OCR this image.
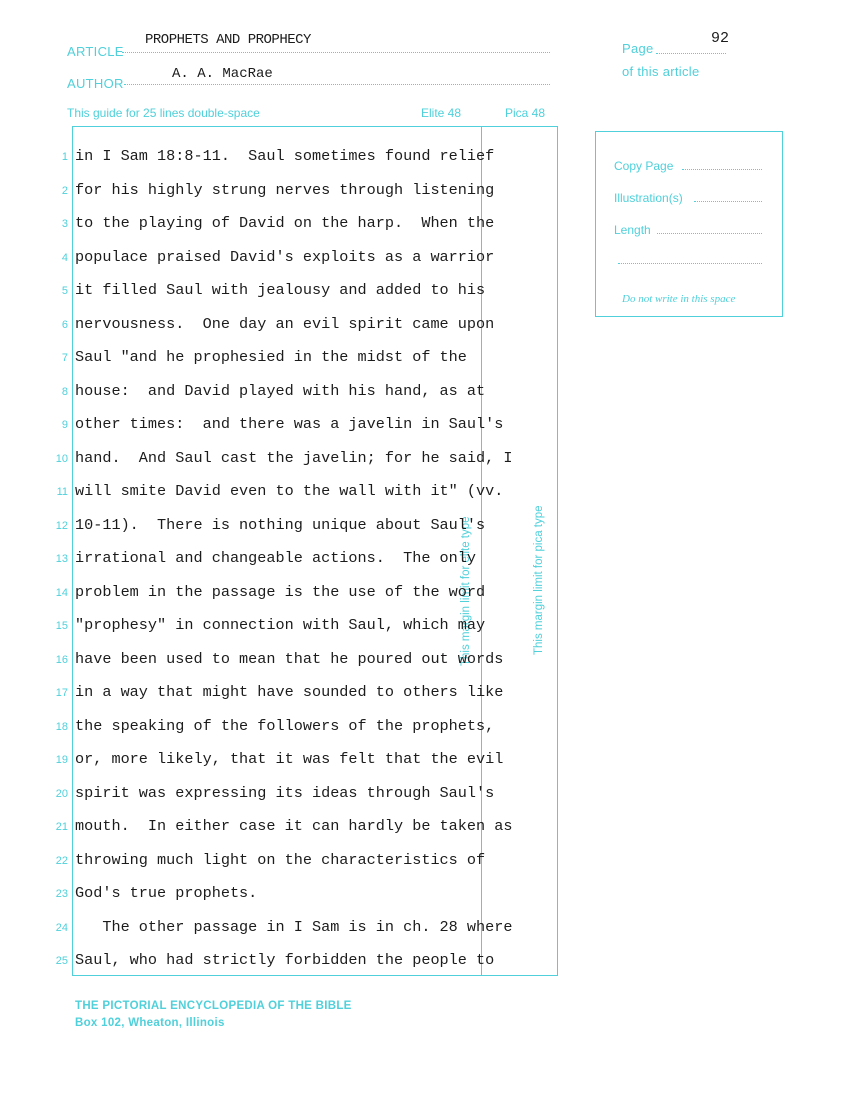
ARTICLE
PROPHETS AND PROPHECY
AUTHOR
A. A. MacRae
Page
92
of this article
This guide for 25 lines double-space	Elite 48	Pica 48
This margin limit for elite type	This margin limit for pica type
Copy Page
Illustration(s)
Length
Do not write in this space
1 in I Sam 18:8-11.  Saul sometimes found relief
2 for his highly strung nerves through listening
3 to the playing of David on the harp.  When the
4 populace praised David's exploits as a warrior
5 it filled Saul with jealousy and added to his
6 nervousness.  One day an evil spirit came upon
7 Saul "and he prophesied in the midst of the
8 house:  and David played with his hand, as at
9 other times:  and there was a javelin in Saul's
10 hand.  And Saul cast the javelin; for he said, I
11 will smite David even to the wall with it" (vv.
12 10-11).  There is nothing unique about Saul's
13 irrational and changeable actions.  The only
14 problem in the passage is the use of the word
15 "prophesy" in connection with Saul, which may
16 have been used to mean that he poured out words
17 in a way that might have sounded to others like
18 the speaking of the followers of the prophets,
19 or, more likely, that it was felt that the evil
20 spirit was expressing its ideas through Saul's
21 mouth.  In either case it can hardly be taken as
22 throwing much light on the characteristics of
23 God's true prophets.
24 The other passage in I Sam is in ch. 28 where
25 Saul, who had strictly forbidden the people to
THE PICTORIAL ENCYCLOPEDIA OF THE BIBLE
Box 102, Wheaton, Illinois
